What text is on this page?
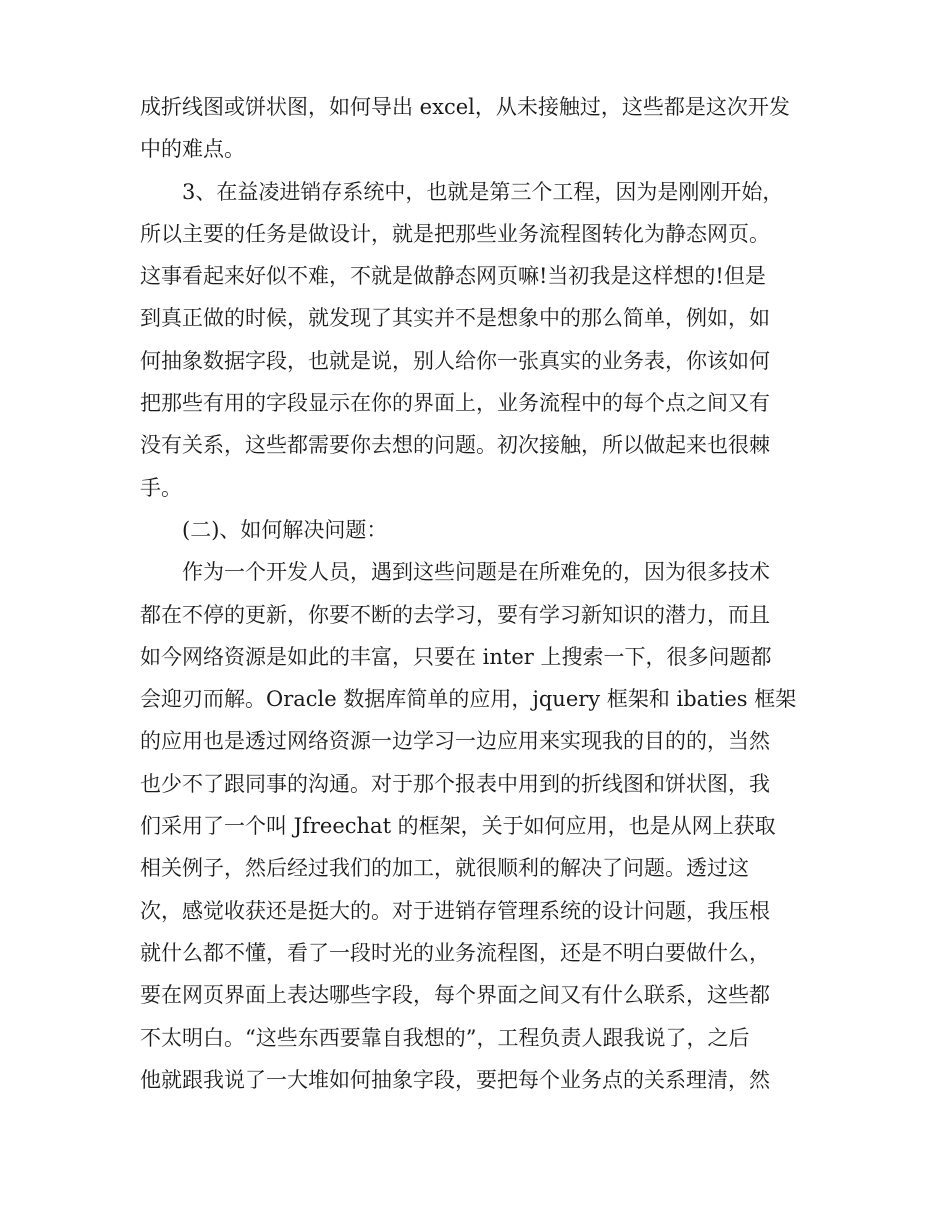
成折线图或饼状图，如何导出 excel，从未接触过，这些都是这次开发
中的难点。
3、在益凌进销存系统中，也就是第三个工程，因为是刚刚开始，
所以主要的任务是做设计，就是把那些业务流程图转化为静态网页。
这事看起来好似不难，不就是做静态网页嘛!当初我是这样想的!但是
到真正做的时候，就发现了其实并不是想象中的那么简单，例如，如
何抽象数据字段，也就是说，别人给你一张真实的业务表，你该如何
把那些有用的字段显示在你的界面上，业务流程中的每个点之间又有
没有关系，这些都需要你去想的问题。初次接触，所以做起来也很棘
手。
(二)、如何解决问题：
作为一个开发人员，遇到这些问题是在所难免的，因为很多技术
都在不停的更新，你要不断的去学习，要有学习新知识的潜力，而且
如今网络资源是如此的丰富，只要在 inter 上搜索一下，很多问题都
会迎刃而解。Oracle 数据库简单的应用，jquery 框架和 ibaties 框架
的应用也是透过网络资源一边学习一边应用来实现我的目的的，当然
也少不了跟同事的沟通。对于那个报表中用到的折线图和饼状图，我
们采用了一个叫 Jfreechat 的框架，关于如何应用，也是从网上获取
相关例子，然后经过我们的加工，就很顺利的解决了问题。透过这
次，感觉收获还是挺大的。对于进销存管理系统的设计问题，我压根
就什么都不懂，看了一段时光的业务流程图，还是不明白要做什么，
要在网页界面上表达哪些字段，每个界面之间又有什么联系，这些都
不太明白。“这些东西要靠自我想的”，工程负责人跟我说了，之后
他就跟我说了一大堆如何抽象字段，要把每个业务点的关系理清，然
